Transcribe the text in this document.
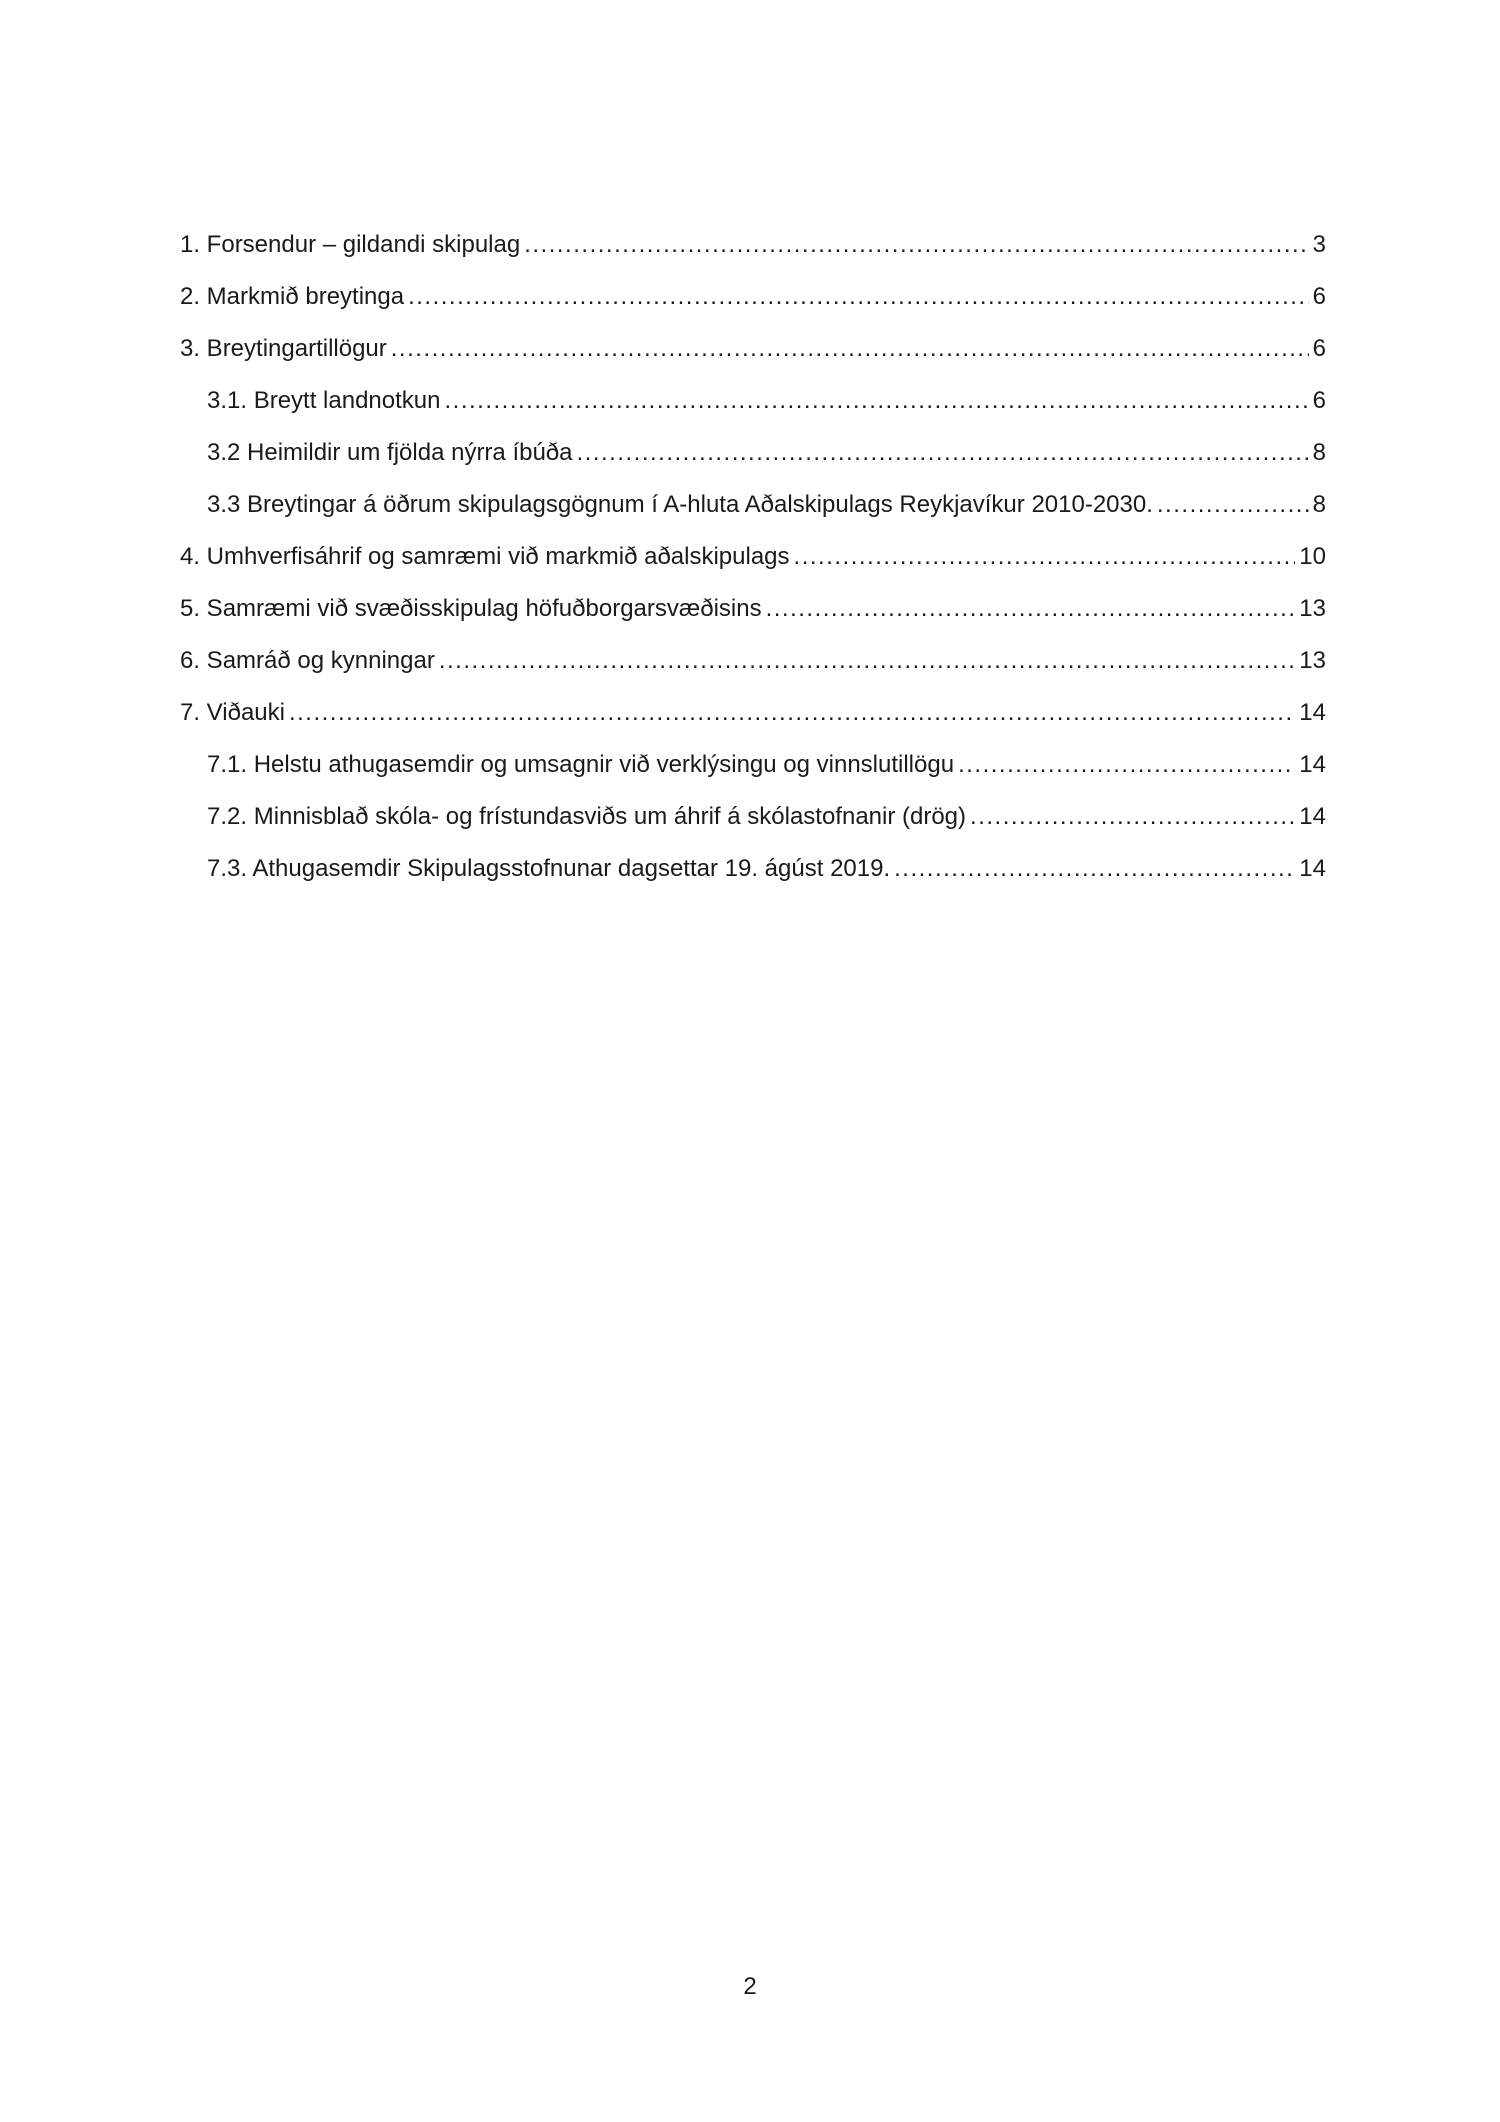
1. Forsendur – gildandi skipulag .....	3
2. Markmið breytinga .....	6
3. Breytingartillögur .....	6
3.1. Breytt landnotkun .....	6
3.2 Heimildir um fjölda nýrra íbúða .....	8
3.3 Breytingar á öðrum skipulagsgögnum í A-hluta Aðalskipulags Reykjavíkur 2010-2030. .....	8
4. Umhverfisáhrif og samræmi við markmið aðalskipulags .....	10
5. Samræmi við svæðisskipulag höfuðborgarsvæðisins .....	13
6. Samráð og kynningar .....	13
7. Viðauki .....	14
7.1. Helstu athugasemdir og umsagnir við verklýsingu og vinnslutillögu .....	14
7.2. Minnisblað skóla- og frístundasviðs um áhrif á skólastofnanir (drög) .....	14
7.3. Athugasemdir Skipulagsstofnunar dagsettar 19. ágúst 2019. .....	14
2
